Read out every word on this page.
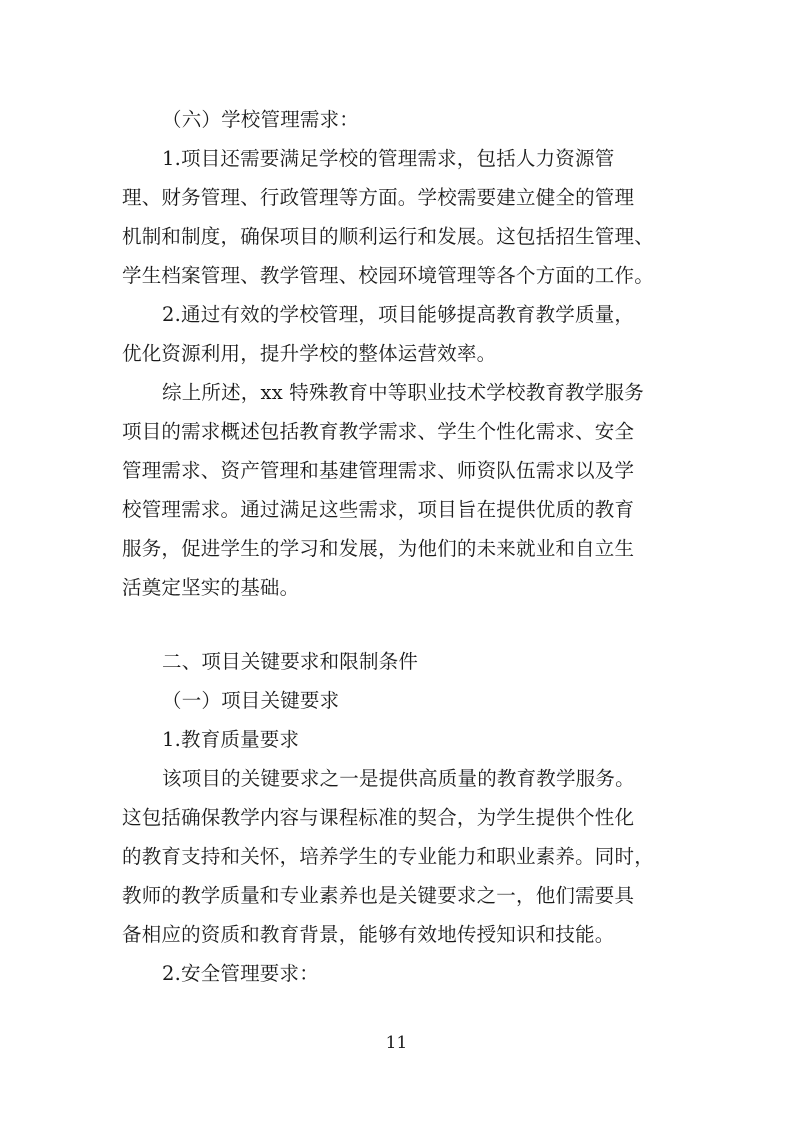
（六）学校管理需求：
1.项目还需要满足学校的管理需求，包括人力资源管
理、财务管理、行政管理等方面。学校需要建立健全的管理
机制和制度，确保项目的顺利运行和发展。这包括招生管理、
学生档案管理、教学管理、校园环境管理等各个方面的工作。
2.通过有效的学校管理，项目能够提高教育教学质量，
优化资源利用，提升学校的整体运营效率。
综上所述，xx 特殊教育中等职业技术学校教育教学服务
项目的需求概述包括教育教学需求、学生个性化需求、安全
管理需求、资产管理和基建管理需求、师资队伍需求以及学
校管理需求。通过满足这些需求，项目旨在提供优质的教育
服务，促进学生的学习和发展，为他们的未来就业和自立生
活奠定坚实的基础。
二、项目关键要求和限制条件
（一）项目关键要求
1.教育质量要求
该项目的关键要求之一是提供高质量的教育教学服务。
这包括确保教学内容与课程标准的契合，为学生提供个性化
的教育支持和关怀，培养学生的专业能力和职业素养。同时，
教师的教学质量和专业素养也是关键要求之一，他们需要具
备相应的资质和教育背景，能够有效地传授知识和技能。
2.安全管理要求：
11
